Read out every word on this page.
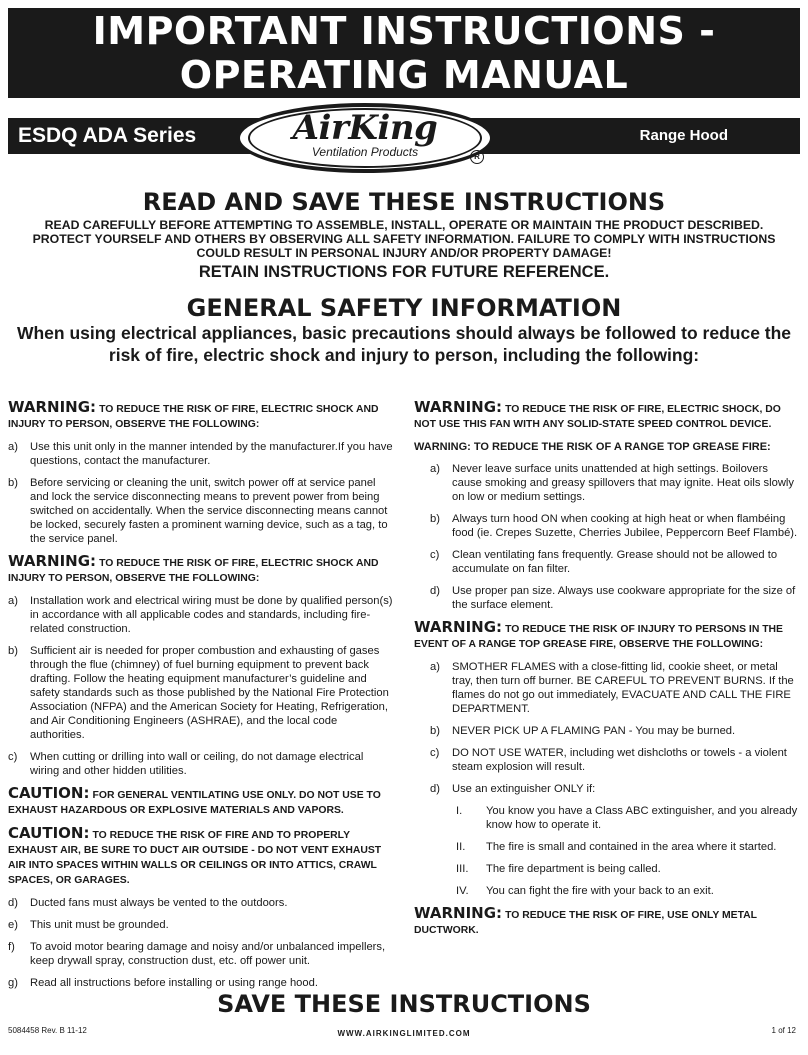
IMPORTANT INSTRUCTIONS -
OPERATING MANUAL
ESDQ ADA Series	Range Hood
AirKing
Ventilation Products	R
READ AND SAVE THESE INSTRUCTIONS
READ CAREFULLY BEFORE ATTEMPTING TO ASSEMBLE, INSTALL, OPERATE OR MAINTAIN THE PRODUCT DESCRIBED. PROTECT YOURSELF AND OTHERS BY OBSERVING ALL SAFETY INFORMATION. FAILURE TO COMPLY WITH INSTRUCTIONS COULD RESULT IN PERSONAL INJURY AND/OR PROPERTY DAMAGE!
RETAIN INSTRUCTIONS FOR FUTURE REFERENCE.
GENERAL SAFETY INFORMATION
When using electrical appliances, basic precautions should always be followed to reduce the risk of fire, electric shock and injury to person, including the following:
WARNING: TO REDUCE THE RISK OF FIRE, ELECTRIC SHOCK AND INJURY TO PERSON, OBSERVE THE FOLLOWING:
a)	Use this unit only in the manner intended by the manufacturer.If you have questions, contact the manufacturer.
b)	Before servicing or cleaning the unit, switch power off at service panel and lock the service disconnecting means to prevent power from being switched on accidentally. When the service disconnecting means cannot be locked, securely fasten a prominent warning device, such as a tag, to the service panel.
WARNING: TO REDUCE THE RISK OF FIRE, ELECTRIC SHOCK AND INJURY TO PERSON, OBSERVE THE FOLLOWING:
a)	Installation work and electrical wiring must be done by qualified person(s) in accordance with all applicable codes and standards, including fire-related construction.
b)	Sufficient air is needed for proper combustion and exhausting of gases through the flue (chimney) of fuel burning equipment to prevent back drafting. Follow the heating equipment manufacturer’s guideline and safety standards such as those published by the National Fire Protection Association (NFPA) and the American Society for Heating, Refrigeration, and Air Conditioning Engineers (ASHRAE), and the local code authorities.
c)	When cutting or drilling into wall or ceiling, do not damage electrical wiring and other hidden utilities.
CAUTION: FOR GENERAL VENTILATING USE ONLY. DO NOT USE TO EXHAUST HAZARDOUS OR EXPLOSIVE MATERIALS AND VAPORS.
CAUTION: TO REDUCE THE RISK OF FIRE AND TO PROPERLY EXHAUST AIR, BE SURE TO DUCT AIR OUTSIDE - DO NOT VENT EXHAUST AIR INTO SPACES WITHIN WALLS OR CEILINGS OR INTO ATTICS, CRAWL SPACES, OR GARAGES.
d)	Ducted fans must always be vented to the outdoors.
e)	This unit must be grounded.
f)	To avoid motor bearing damage and noisy and/or unbalanced impellers, keep drywall spray, construction dust, etc. off power unit.
g)	Read all instructions before installing or using range hood.
WARNING: TO REDUCE THE RISK OF FIRE, ELECTRIC SHOCK, DO NOT USE THIS FAN WITH ANY SOLID-STATE SPEED CONTROL DEVICE.
WARNING: TO REDUCE THE RISK OF A RANGE TOP GREASE FIRE:
a)	Never leave surface units unattended at high settings. Boilovers cause smoking and greasy spillovers that may ignite. Heat oils slowly on low or medium settings.
b)	Always turn hood ON when cooking at high heat or when flambéing food (ie. Crepes Suzette, Cherries Jubilee, Peppercorn Beef Flambé).
c)	Clean ventilating fans frequently. Grease should not be allowed to accumulate on fan filter.
d)	Use proper pan size. Always use cookware appropriate for the size of the surface element.
WARNING: TO REDUCE THE RISK OF INJURY TO PERSONS IN THE EVENT OF A RANGE TOP GREASE FIRE, OBSERVE THE FOLLOWING:
a)	SMOTHER FLAMES with a close-fitting lid, cookie sheet, or metal tray, then turn off burner. BE CAREFUL TO PREVENT BURNS. If the flames do not go out immediately, EVACUATE AND CALL THE FIRE DEPARTMENT.
b)	NEVER PICK UP A FLAMING PAN - You may be burned.
c)	DO NOT USE WATER, including wet dishcloths or towels - a violent steam explosion will result.
d)	Use an extinguisher ONLY if:
I.	You know you have a Class ABC extinguisher, and you already know how to operate it.
II.	The fire is small and contained in the area where it started.
III.	The fire department is being called.
IV.	You can fight the fire with your back to an exit.
WARNING: TO REDUCE THE RISK OF FIRE, USE ONLY METAL DUCTWORK.
SAVE THESE INSTRUCTIONS
5084458 Rev. B 11-12	WWW.AIRKINGLIMITED.COM	1 of 12
